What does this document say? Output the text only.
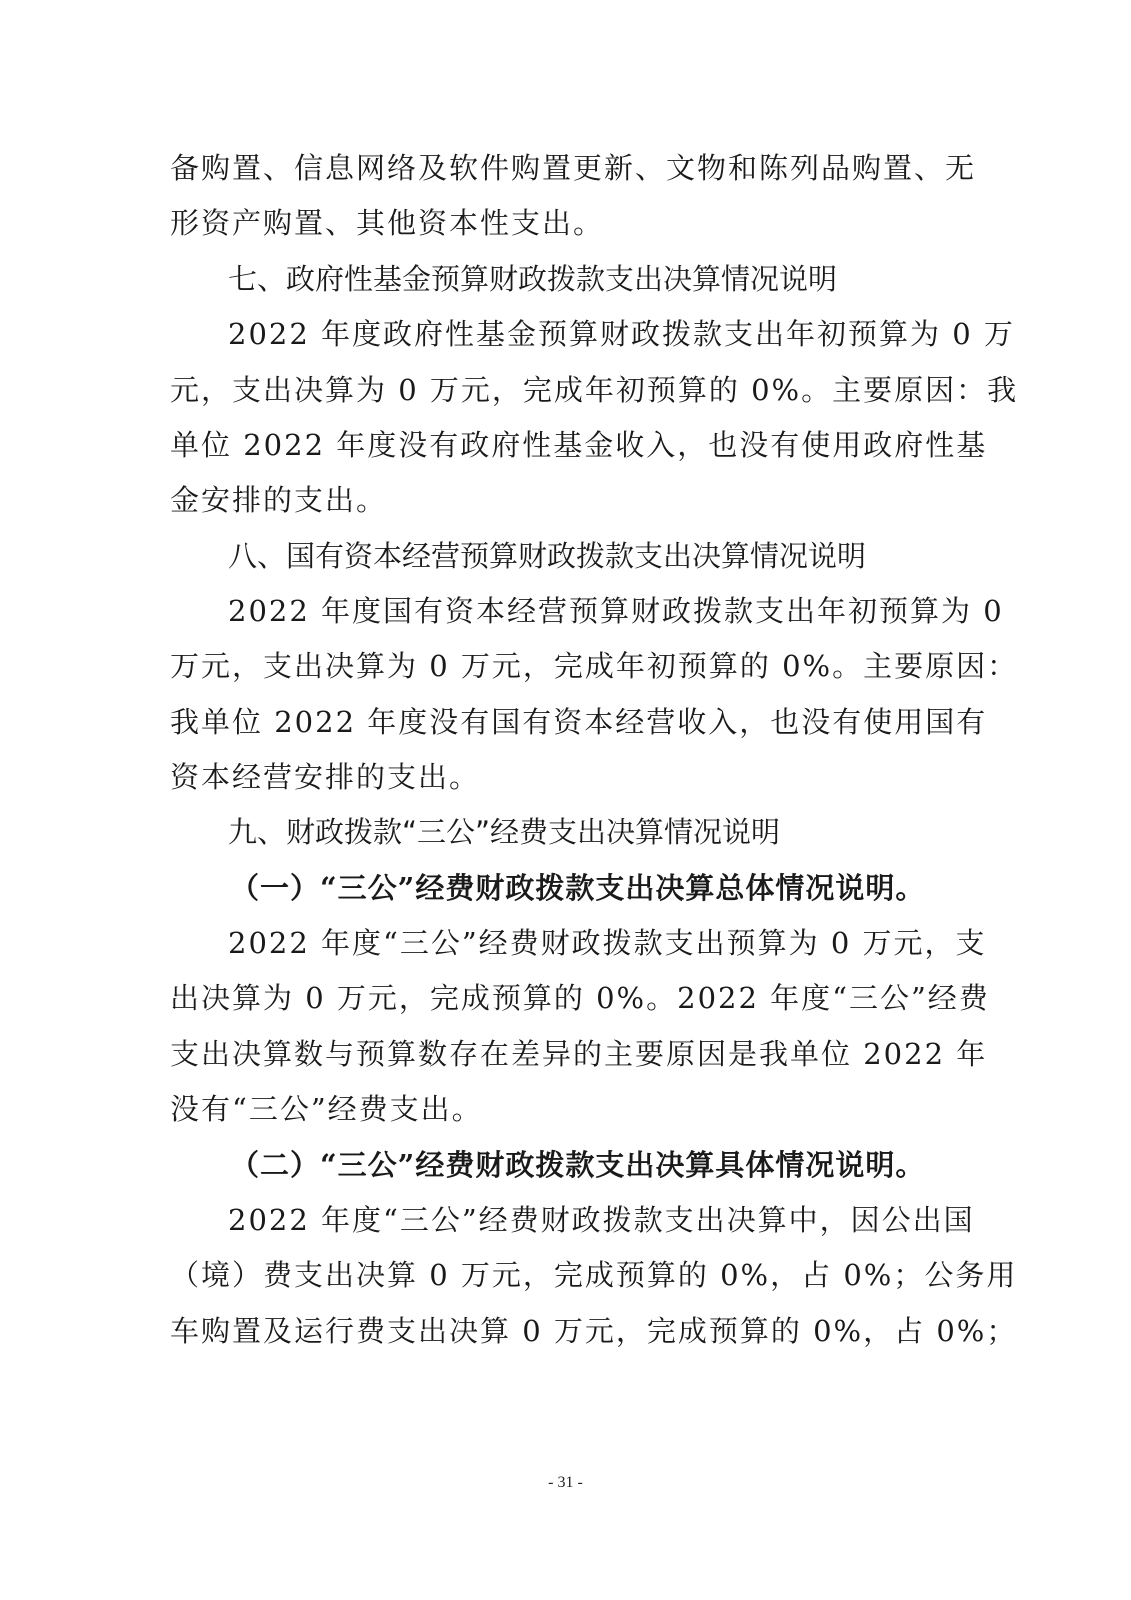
备购置、信息网络及软件购置更新、文物和陈列品购置、无
形资产购置、其他资本性支出。
七、政府性基金预算财政拨款支出决算情况说明
2022 年度政府性基金预算财政拨款支出年初预算为 0 万
元，支出决算为 0 万元，完成年初预算的 0%。主要原因：我
单位 2022 年度没有政府性基金收入，也没有使用政府性基
金安排的支出。
八、国有资本经营预算财政拨款支出决算情况说明
2022 年度国有资本经营预算财政拨款支出年初预算为 0
万元，支出决算为 0 万元，完成年初预算的 0%。主要原因：
我单位 2022 年度没有国有资本经营收入，也没有使用国有
资本经营安排的支出。
九、财政拨款“三公”经费支出决算情况说明
（一）“三公”经费财政拨款支出决算总体情况说明。
2022 年度“三公”经费财政拨款支出预算为 0 万元，支
出决算为 0 万元，完成预算的 0%。2022 年度“三公”经费
支出决算数与预算数存在差异的主要原因是我单位 2022 年
没有“三公”经费支出。
（二）“三公”经费财政拨款支出决算具体情况说明。
2022 年度“三公”经费财政拨款支出决算中，因公出国
（境）费支出决算 0 万元，完成预算的 0%，占 0%；公务用
车购置及运行费支出决算 0 万元，完成预算的 0%，占 0%；
- 31 -
